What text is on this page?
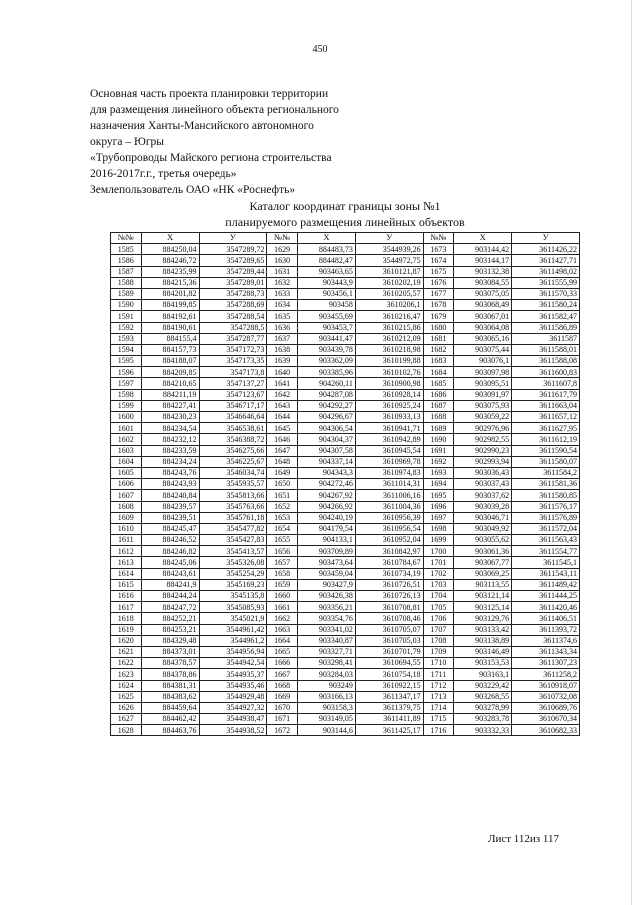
450
Основная часть проекта планировки территории
для размещения линейного объекта регионального
назначения Ханты-Мансийского автономного
округа – Югры
«Трубопроводы Майского региона строительства
2016-2017г.г., третья очередь»
Землепользователь ОАО «НК «Роснефть»
Каталог координат границы зоны №1
планируемого размещения линейных объектов
№№	X	У	№№	X	У	№№	X	У
1585	884250,04	3547289,72	1629	884483,73	3544939,26	1673	903144,42	3611426,22
1586	884246,72	3547289,65	1630	884482,47	3544972,75	1674	903144,17	3611427,71
1587	884235,99	3547289,44	1631	903463,65	3610121,87	1675	903132,38	3611498,02
1588	884215,36	3547289,01	1632	903443,9	3610202,19	1676	903084,55	3611555,99
1589	884201,82	3547288,73	1633	903456,1	3610205,57	1677	903075,05	3611570,33
1590	884199,85	3547288,69	1634	903458	3610206,1	1678	903068,49	3611580,24
1591	884192,61	3547288,54	1635	903455,69	3610216,47	1679	903067,01	3611582,47
1592	884190,61	3547288,5	1636	903453,7	3610215,86	1680	903064,08	3611586,89
1593	884155,4	3547287,77	1637	903441,47	3610212,09	1681	903065,16	3611587
1594	884157,73	3547172,73	1638	903439,78	3610218,98	1682	903075,44	3611588,01
1595	884188,07	3547173,35	1639	903362,09	3610199,88	1683	903076,1	3611588,08
1596	884209,85	3547173,8	1640	903385,96	3610102,76	1684	903097,98	3611600,83
1597	884210,65	3547137,27	1641	904260,11	3610900,98	1685	903095,51	3611607,8
1598	884211,19	3547123,67	1642	904287,08	3610928,14	1686	903091,97	3611617,79
1599	884227,41	3546717,17	1643	904292,27	3610925,24	1687	903075,93	3611663,04
1600	884230,23	3546646,64	1644	904296,67	3610933,13	1688	903059,22	3611657,12
1601	884234,54	3546538,61	1645	904306,54	3610941,71	1689	902976,96	3611627,95
1602	884232,12	3546388,72	1646	904304,37	3610942,89	1690	902982,55	3611612,19
1603	884233,59	3546275,66	1647	904307,58	3610945,54	1691	902990,23	3611590,54
1604	884234,24	3546225,67	1648	904337,14	3610969,78	1692	902993,94	3611580,07
1605	884243,76	3546034,74	1649	904343,3	3610974,83	1693	903036,43	3611584,2
1606	884243,93	3545935,57	1650	904272,46	3611014,31	1694	903037,43	3611581,36
1607	884240,84	3545813,66	1651	904267,92	3611006,16	1695	903037,62	3611580,85
1608	884239,57	3545763,66	1652	904266,92	3611004,36	1696	903039,28	3611576,17
1609	884239,51	3545761,18	1653	904240,19	3610956,39	1697	903046,71	3611576,89
1610	884245,47	3545477,82	1654	904179,54	3610956,54	1698	903049,92	3611572,04
1611	884246,52	3545427,83	1655	904133,1	3610952,04	1699	903055,62	3611563,43
1612	884246,82	3545413,57	1656	903709,89	3610842,97	1700	903061,36	3611554,77
1613	884245,06	3545326,08	1657	903473,64	3610784,67	1701	903067,77	3611545,1
1614	884243,61	3545254,29	1658	903459,04	3610734,19	1702	903069,25	3611543,11
1615	884241,9	3545169,23	1659	903427,9	3610726,51	1703	903113,55	3611489,42
1616	884244,24	3545135,8	1660	903426,38	3610726,13	1704	903121,14	3611444,25
1617	884247,72	3545085,93	1661	903356,21	3610708,81	1705	903125,14	3611420,46
1618	884252,21	3545021,9	1662	903354,76	3610708,46	1706	903129,76	3611406,51
1619	884253,21	3544961,42	1663	903341,02	3610705,07	1707	903133,42	3611393,72
1620	884329,48	3544961,2	1664	903340,87	3610705,03	1708	903138,89	3611374,6
1621	884373,01	3544956,94	1665	903327,71	3610701,79	1709	903146,49	3611343,34
1622	884378,57	3544942,54	1666	903298,41	3610694,55	1710	903153,53	3611307,23
1623	884378,86	3544935,37	1667	903284,03	3610754,18	1711	903163,1	3611258,2
1624	884381,31	3544935,46	1668	903249	3610922,15	1712	903229,42	3610918,07
1625	884383,62	3544929,48	1669	903166,13	3611347,17	1713	903268,55	3610732,08
1626	884459,64	3544927,32	1670	903158,3	3611379,75	1714	903278,99	3610689,76
1627	884462,42	3544938,47	1671	903149,05	3611411,89	1715	903283,78	3610670,34
1628	884463,76	3544938,52	1672	903144,6	3611425,17	1716	903332,33	3610682,33
Лист 112из 117
